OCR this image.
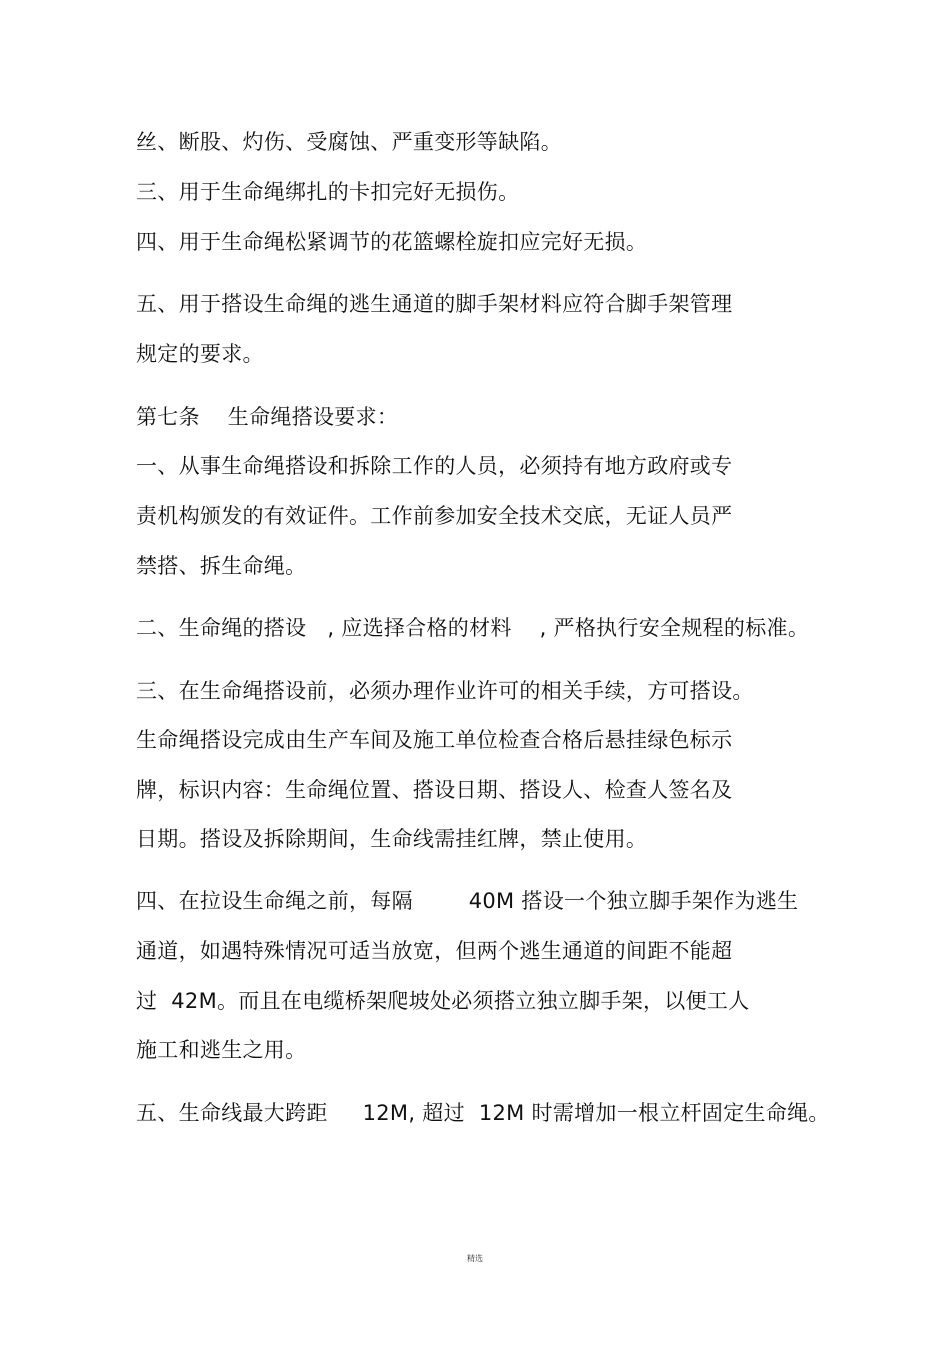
丝、断股、灼伤、受腐蚀、严重变形等缺陷。
三、用于生命绳绑扎的卡扣完好无损伤。
四、用于生命绳松紧调节的花篮螺栓旋扣应完好无损。
五、用于搭设生命绳的逃生通道的脚手架材料应符合脚手架管理
规定的要求。
第七条    生命绳搭设要求：
一、从事生命绳搭设和拆除工作的人员，必须持有地方政府或专
责机构颁发的有效证件。工作前参加安全技术交底，无证人员严
禁搭、拆生命绳。
二、生命绳的搭设   , 应选择合格的材料    , 严格执行安全规程的标准。
三、在生命绳搭设前，必须办理作业许可的相关手续，方可搭设。
生命绳搭设完成由生产车间及施工单位检查合格后悬挂绿色标示
牌，标识内容：生命绳位置、搭设日期、搭设人、检查人签名及
日期。搭设及拆除期间，生命线需挂红牌，禁止使用。
四、在拉设生命绳之前，每隔        40M 搭设一个独立脚手架作为逃生
通道，如遇特殊情况可适当放宽，但两个逃生通道的间距不能超
过  42M。而且在电缆桥架爬坡处必须搭立独立脚手架，以便工人
施工和逃生之用。
五、生命线最大跨距     12M, 超过  12M 时需增加一根立杆固定生命绳。
精选
